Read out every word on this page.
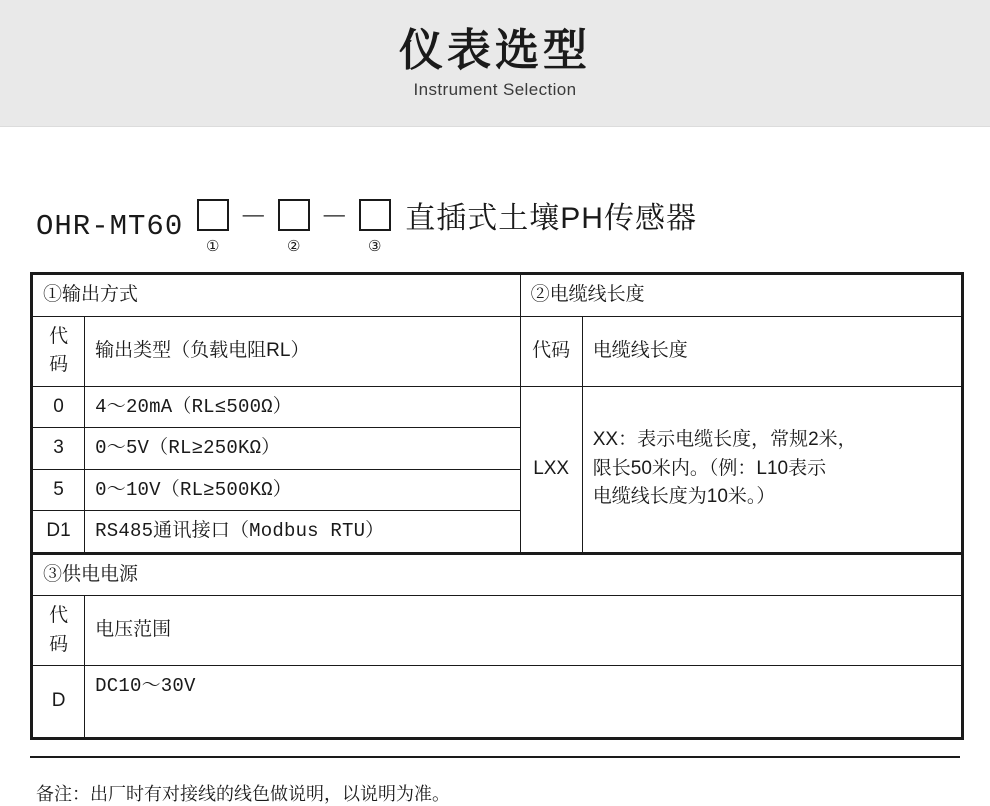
仪表选型
Instrument Selection
OHR-MT60
①
－
②
－
③
直插式土壤PH传感器
①输出方式		②电缆线长度	
代码	输出类型（负载电阻RL）	代码	电缆线长度
0	4～20mA（RL≤500Ω）	LXX	XX：表示电缆长度，常规2米，
限长50米内。（例：L10表示
电缆线长度为10米。）

3	0～5V（RL≥250KΩ）		
5	0～10V（RL≥500KΩ）		
D1	RS485通讯接口（Modbus RTU）		
③供电电源	
代码	电压范围
D	DC10～30V
备注：出厂时有对接线的线色做说明，以说明为准。
